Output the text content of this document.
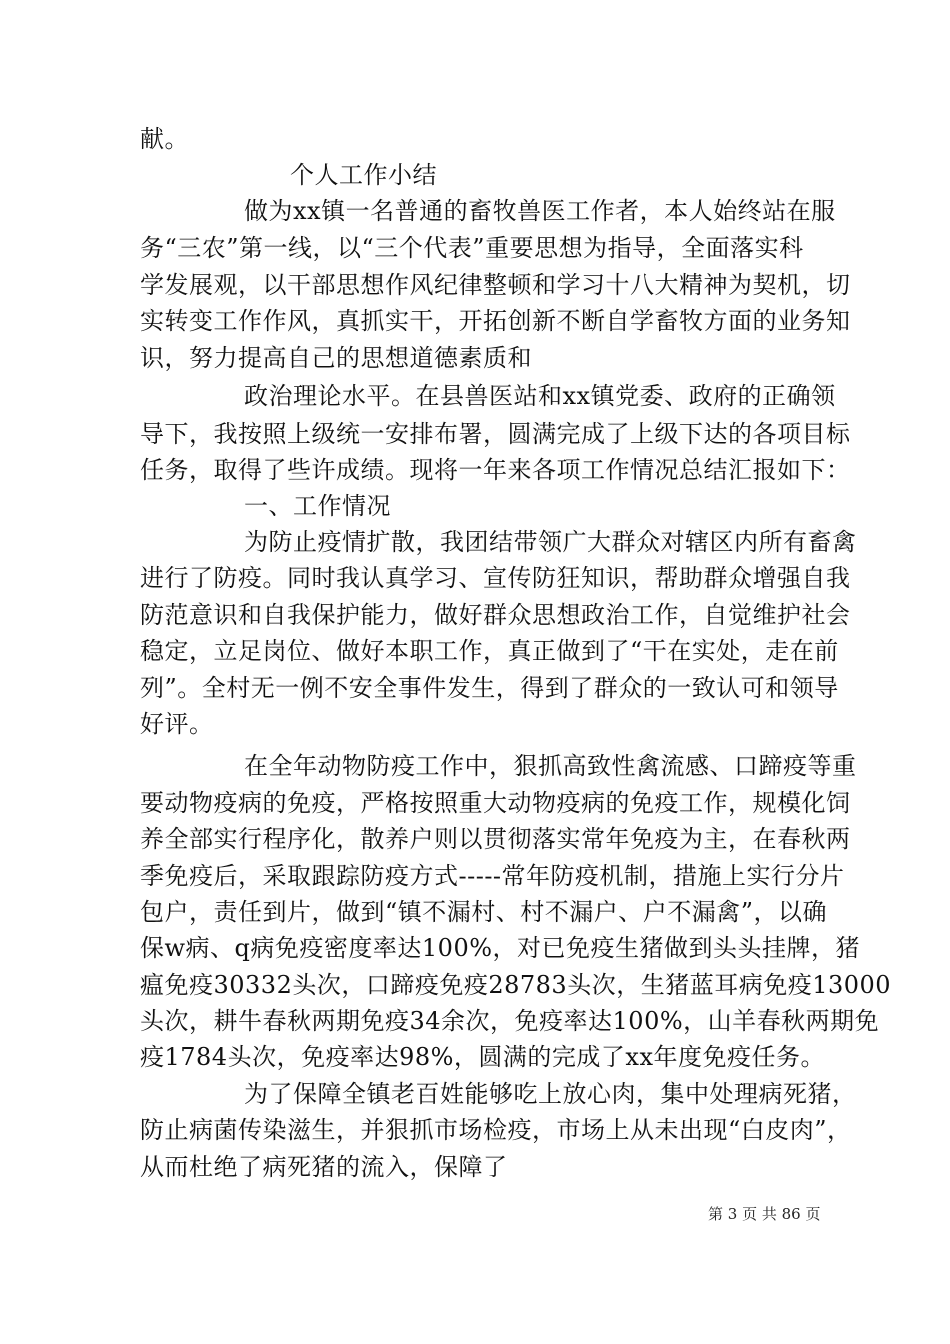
献。
个人工作小结
做为xx镇一名普通的畜牧兽医工作者，本人始终站在服
务“三农”第一线，以“三个代表”重要思想为指导，全面落实科
学发展观，以干部思想作风纪律整顿和学习十八大精神为契机，切
实转变工作作风，真抓实干，开拓创新不断自学畜牧方面的业务知
识，努力提高自己的思想道德素质和
政治理论水平。在县兽医站和xx镇党委、政府的正确领
导下，我按照上级统一安排布署，圆满完成了上级下达的各项目标
任务，取得了些许成绩。现将一年来各项工作情况总结汇报如下：
一、工作情况
为防止疫情扩散，我团结带领广大群众对辖区内所有畜禽
进行了防疫。同时我认真学习、宣传防狂知识，帮助群众增强自我
防范意识和自我保护能力，做好群众思想政治工作，自觉维护社会
稳定，立足岗位、做好本职工作，真正做到了“干在实处，走在前
列”。全村无一例不安全事件发生，得到了群众的一致认可和领导
好评。
在全年动物防疫工作中，狠抓高致性禽流感、口蹄疫等重
要动物疫病的免疫，严格按照重大动物疫病的免疫工作，规模化饲
养全部实行程序化，散养户则以贯彻落实常年免疫为主，在春秋两
季免疫后，采取跟踪防疫方式-----常年防疫机制，措施上实行分片
包户，责任到片，做到“镇不漏村、村不漏户、户不漏禽”，以确
保w病、q病免疫密度率达100%，对已免疫生猪做到头头挂牌，猪
瘟免疫30332头次，口蹄疫免疫28783头次，生猪蓝耳病免疫13000
头次，耕牛春秋两期免疫34余次，免疫率达100%，山羊春秋两期免
疫1784头次，免疫率达98%，圆满的完成了xx年度免疫任务。
为了保障全镇老百姓能够吃上放心肉，集中处理病死猪，
防止病菌传染滋生，并狠抓市场检疫，市场上从未出现“白皮肉”，
从而杜绝了病死猪的流入，保障了
第 3 页 共 86 页
